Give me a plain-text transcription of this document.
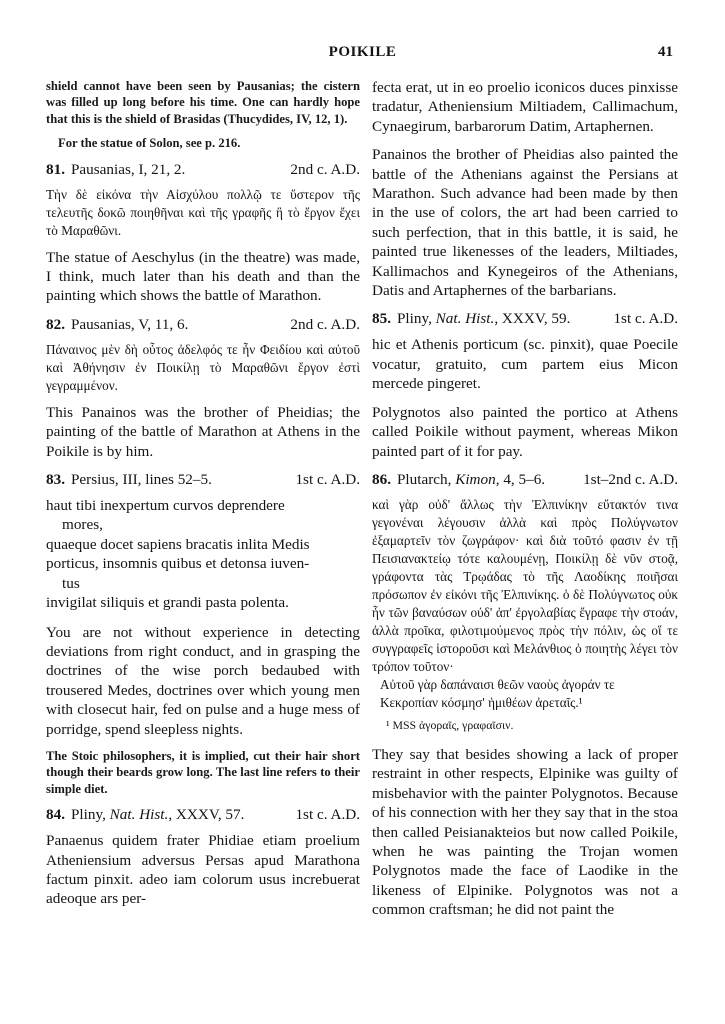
POIKILE	41

shield cannot have been seen by Pausanias; the cistern was filled up long before his time. One can hardly hope that this is the shield of Brasidas (Thucydides, IV, 12, 1).

For the statue of Solon, see p. 216.

81. Pausanias, I, 21, 2.	2nd c. A.D.

Τὴν δὲ εἰκόνα τὴν Αἰσχύλου πολλῷ τε ὕστερον τῆς τελευτῆς δοκῶ ποιηθῆναι καὶ τῆς γραφῆς ἣ τὸ ἔργον ἔχει τὸ Μαραθῶνι.

The statue of Aeschylus (in the theatre) was made, I think, much later than his death and than the painting which shows the battle of Marathon.

82. Pausanias, V, 11, 6.	2nd c. A.D.

Πάναινος μὲν δὴ οὗτος ἀδελφός τε ἦν Φειδίου καὶ αὐτοῦ καὶ Ἀθήνησιν ἐν Ποικίλῃ τὸ Μαραθῶνι ἔργον ἐστὶ γεγραμμένον.

This Panainos was the brother of Pheidias; the painting of the battle of Marathon at Athens in the Poikile is by him.

83. Persius, III, lines 52–5.	1st c. A.D.
haut tibi inexpertum curvos deprendere
mores,
quaeque docet sapiens bracatis inlita Medis
porticus, insomnis quibus et detonsa iuven-
tus
invigilat siliquis et grandi pasta polenta.

You are not without experience in detecting deviations from right conduct, and in grasping the doctrines of the wise porch bedaubed with trousered Medes, doctrines over which young men with closecut hair, fed on pulse and a huge mess of porridge, spend sleepless nights.

The Stoic philosophers, it is implied, cut their hair short though their beards grow long. The last line refers to their simple diet.

84. Pliny, Nat. Hist., XXXV, 57.	1st c. A.D.

Panaenus quidem frater Phidiae etiam proelium Atheniensium adversus Persas apud Marathona factum pinxit. adeo iam colorum usus increbuerat adeoque ars per-

fecta erat, ut in eo proelio iconicos duces pinxisse tradatur, Atheniensium Miltiadem, Callimachum, Cynaegirum, barbarorum Datim, Artaphernen.

Panainos the brother of Pheidias also painted the battle of the Athenians against the Persians at Marathon. Such advance had been made by then in the use of colors, the art had been carried to such perfection, that in this battle, it is said, he painted true likenesses of the leaders, Miltiades, Kallimachos and Kynegeiros of the Athenians, Datis and Artaphernes of the barbarians.

85. Pliny, Nat. Hist., XXXV, 59.	1st c. A.D.

hic et Athenis porticum (sc. pinxit), quae Poecile vocatur, gratuito, cum partem eius Micon mercede pingeret.

Polygnotos also painted the portico at Athens called Poikile without payment, whereas Mikon painted part of it for pay.

86. Plutarch, Kimon, 4, 5–6.	1st–2nd c. A.D.

καὶ γὰρ οὐδ' ἄλλως τὴν Ἐλπινίκην εὔτακτόν τινα γεγονέναι λέγουσιν ἀλλὰ καὶ πρὸς Πολύγνωτον ἐξαμαρτεῖν τὸν ζωγράφον· καὶ διὰ τοῦτό φασιν ἐν τῇ Πεισιανακτείῳ τότε καλουμένῃ, Ποικίλῃ δὲ νῦν στοᾷ, γράφοντα τὰς Τρῳάδας τὸ τῆς Λαοδίκης ποιῆσαι πρόσωπον ἐν εἰκόνι τῆς Ἐλπινίκης. ὁ δὲ Πολύγνωτος οὐκ ἦν τῶν βαναύσων οὐδ' ἀπ' ἐργολαβίας ἔγραφε τὴν στοάν, ἀλλὰ προῖκα, φιλοτιμούμενος πρὸς τὴν πόλιν, ὡς οἵ τε συγγραφεῖς ἱστοροῦσι καὶ Μελάνθιος ὁ ποιητὴς λέγει τὸν τρόπον τοῦτον·

Αὐτοῦ γὰρ δαπάναισι θεῶν ναοὺς ἀγοράν τε
Κεκροπίαν κόσμησ' ἡμιθέων ἀρεταῖς.¹

¹ MSS ἀγοραῖς, γραφαῖσιν.

They say that besides showing a lack of proper restraint in other respects, Elpinike was guilty of misbehavior with the painter Polygnotos. Because of his connection with her they say that in the stoa then called Peisianakteios but now called Poikile, when he was painting the Trojan women Polygnotos made the face of Laodike in the likeness of Elpinike. Polygnotos was not a common craftsman; he did not paint the
